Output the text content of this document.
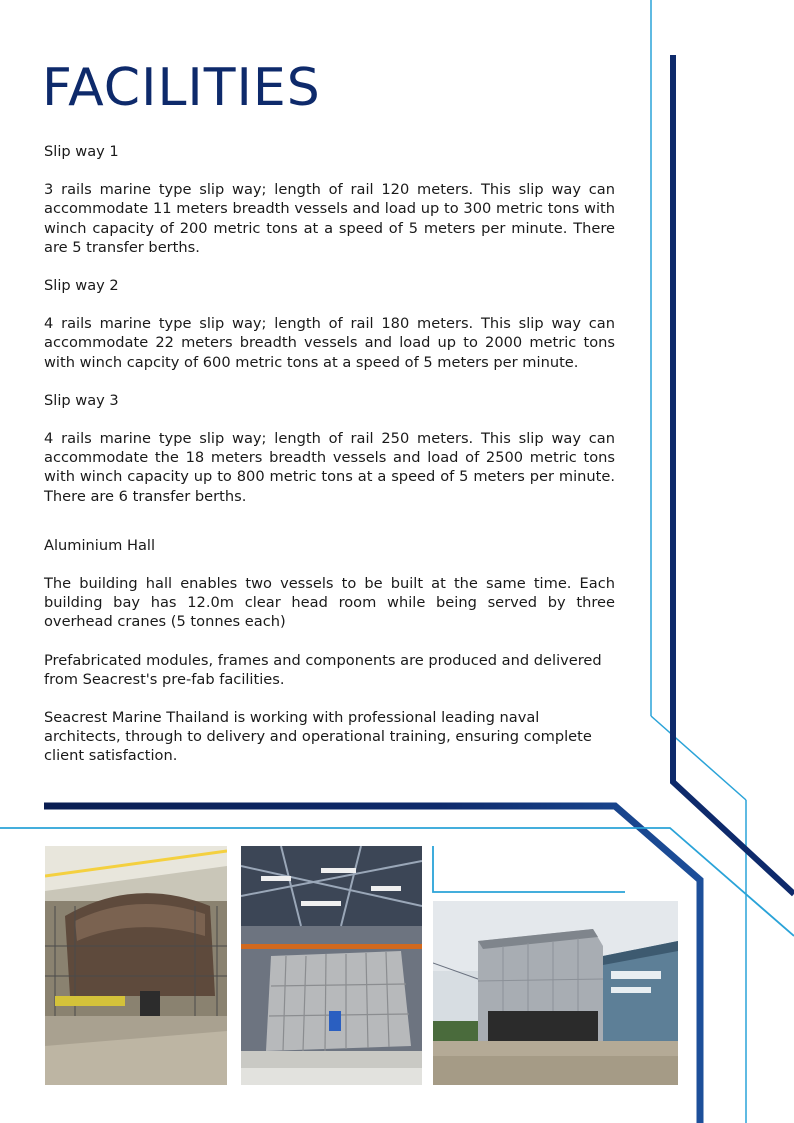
FACILITIES

Slip way 1

3 rails marine type slip way; length of rail 120 meters. This slip way can accommodate 11 meters breadth vessels and load up to 300 metric tons with winch capacity of 200 metric tons at a speed of 5 meters per minute. There are 5 transfer berths.

Slip way 2

4 rails marine type slip way; length of rail 180 meters. This slip way can accommodate 22 meters breadth vessels and load up to 2000 metric tons with winch capcity of 600 metric tons at a speed of 5 meters per minute.

Slip way 3

4 rails marine type slip way; length of rail 250 meters. This slip way can accommodate the 18 meters breadth vessels and load of 2500 metric tons with winch capacity up to 800 metric tons at a speed of 5 meters per minute. There are 6 transfer berths.

Aluminium Hall

The building hall enables two vessels to be built at the same time. Each building bay has 12.0m clear head room while being served by three overhead cranes (5 tonnes each)

Prefabricated modules, frames and components are produced and delivered from Seacrest's pre-fab facilities.

Seacrest Marine Thailand is working with professional leading naval architects, through to delivery and operational training, ensuring complete client satisfaction.
